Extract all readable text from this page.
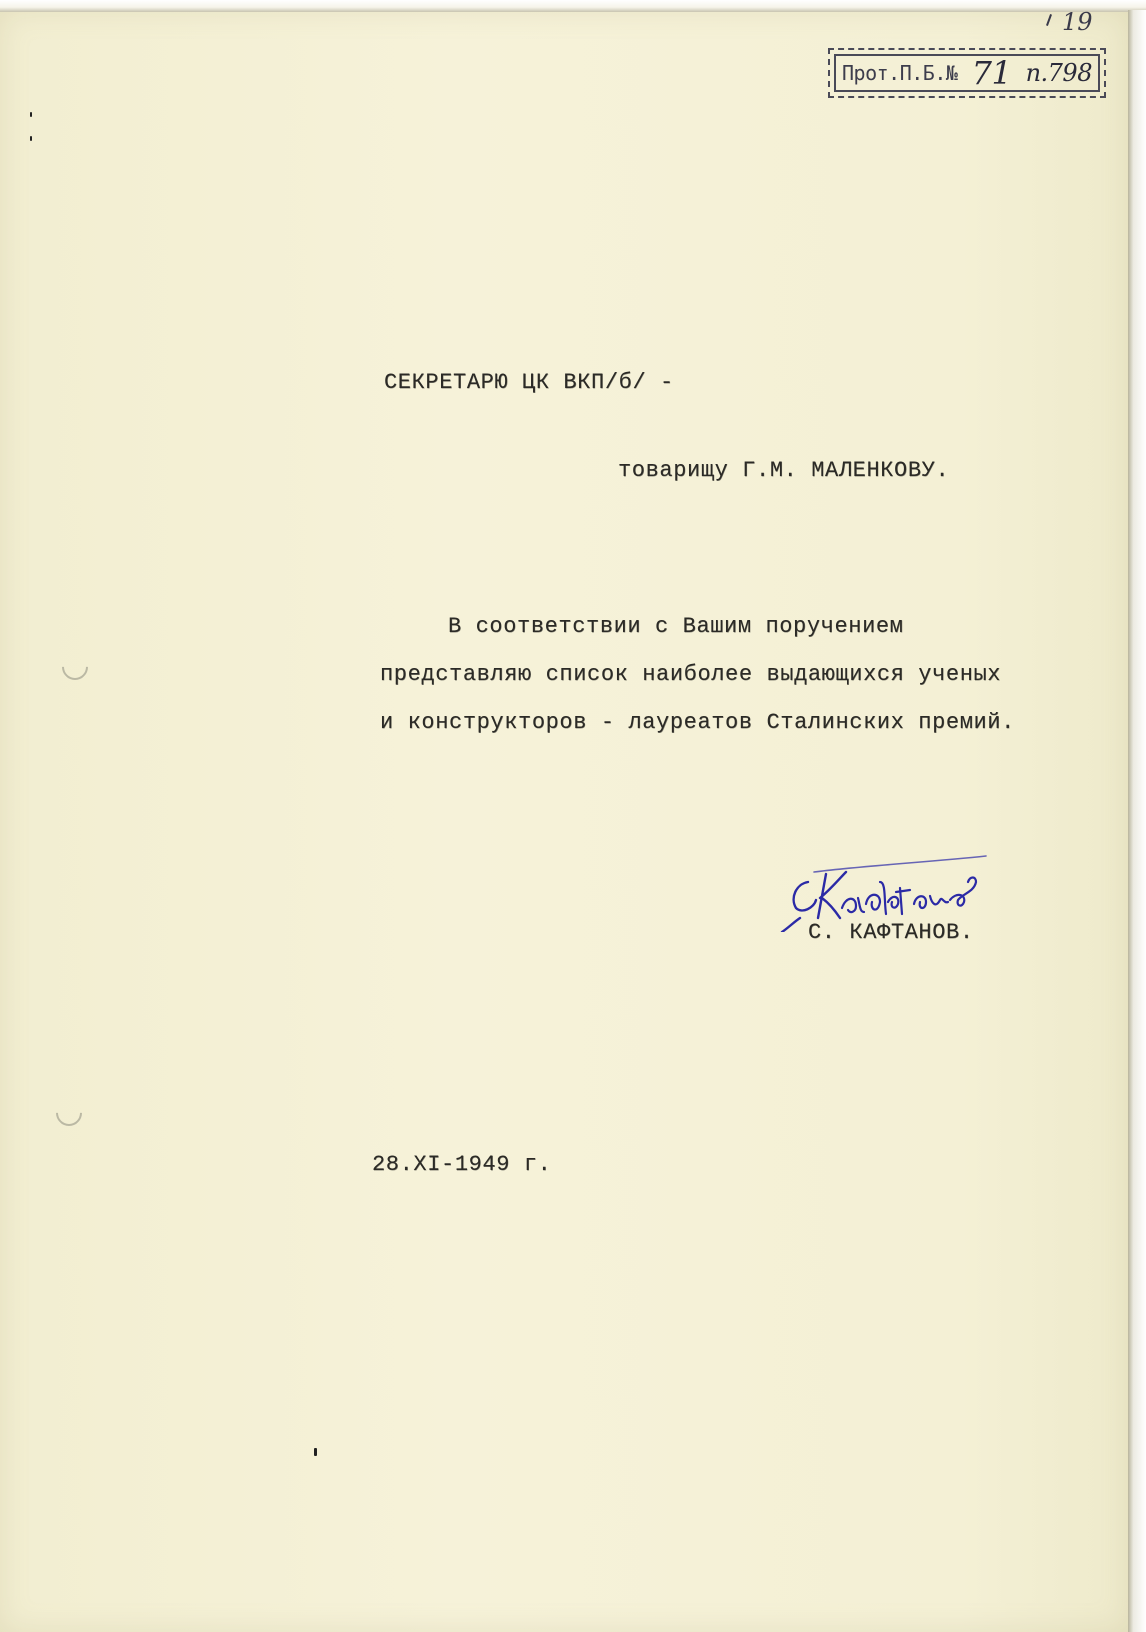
19
Прот.П.Б.№ 71 п.798
СЕКРЕТАРЮ ЦК ВКП/б/ -
товарищу Г.М. МАЛЕНКОВУ.
В соответствии с Вашим поручением
представляю список наиболее выдающихся ученых
и конструкторов - лауреатов Сталинских премий.
С. КАФТАНОВ.
28.XI-1949 г.
